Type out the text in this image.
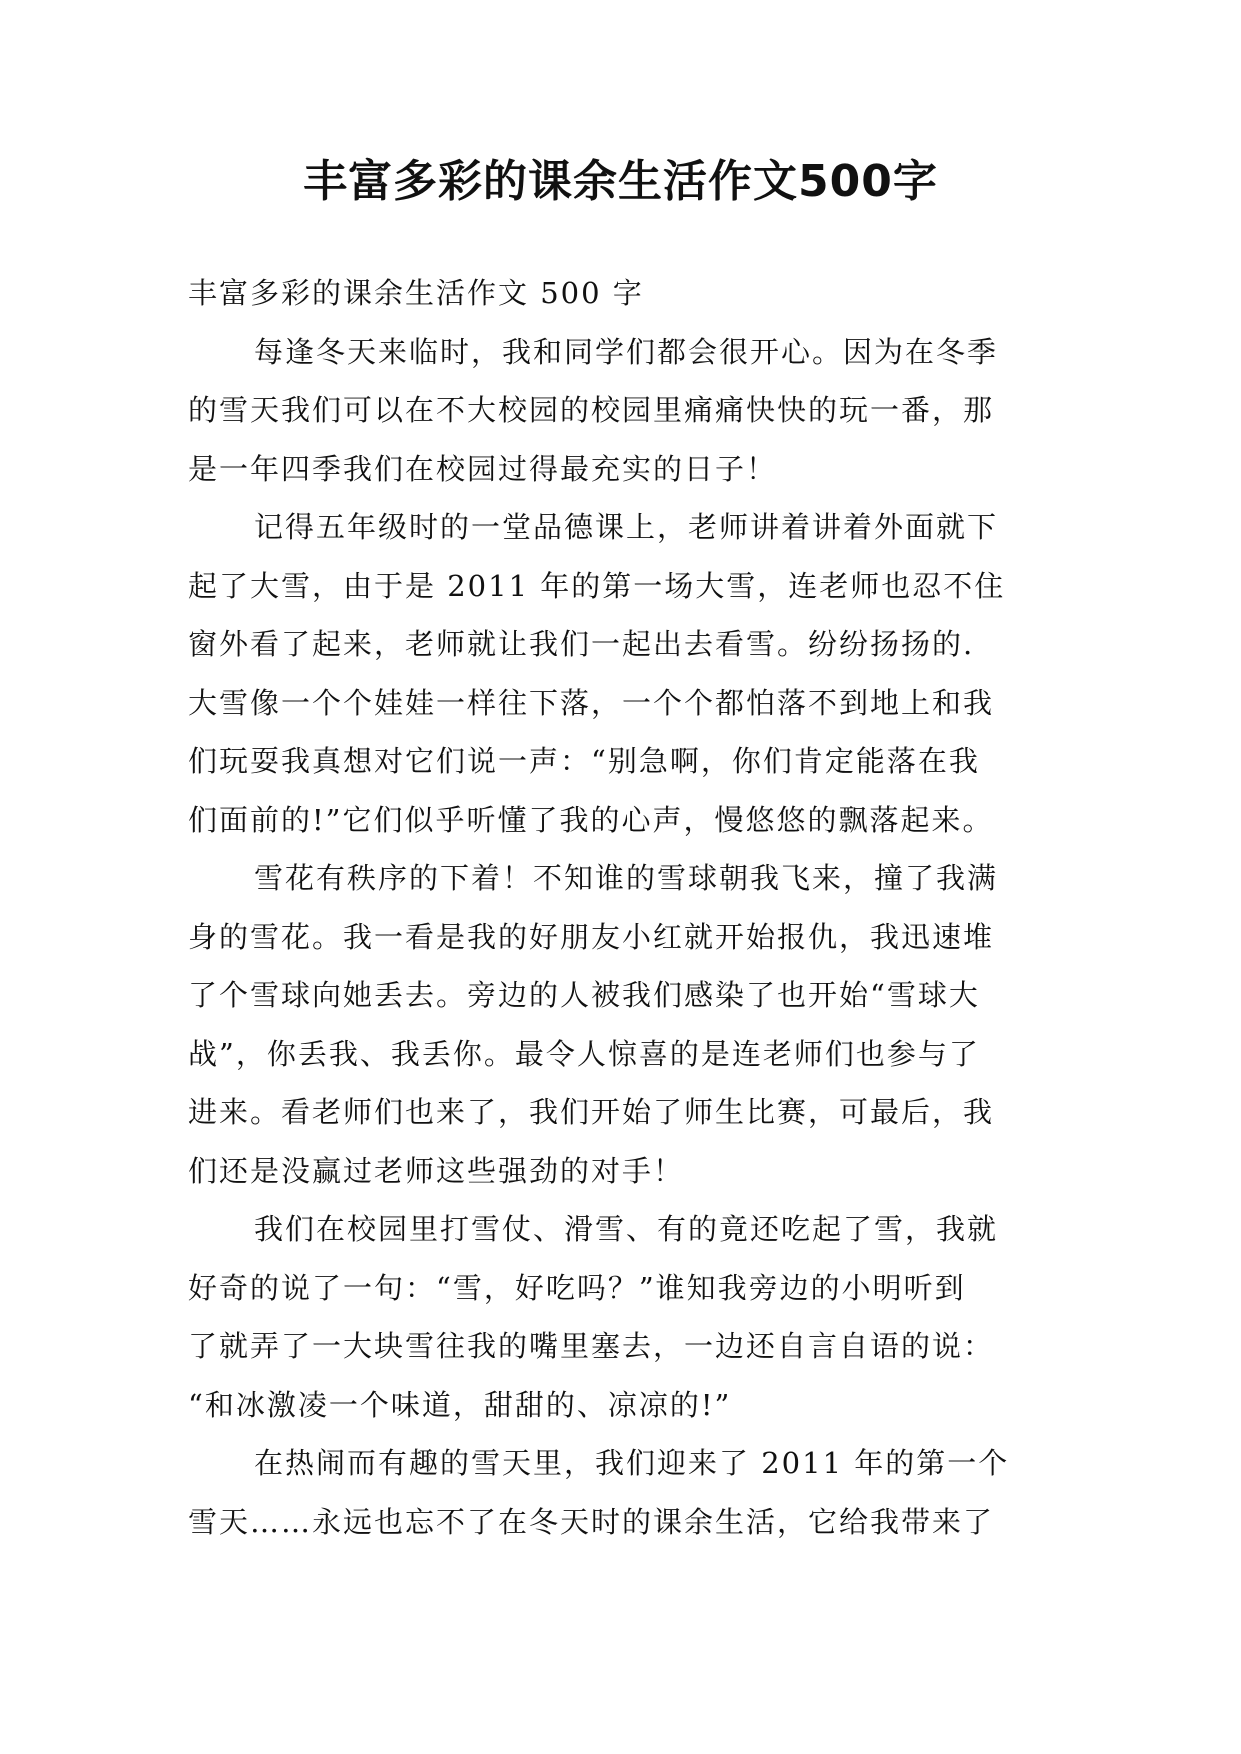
丰富多彩的课余生活作文500字

丰富多彩的课余生活作文 500 字

每逢冬天来临时，我和同学们都会很开心。因为在冬季
的雪天我们可以在不大校园的校园里痛痛快快的玩一番，那
是一年四季我们在校园过得最充实的日子！

记得五年级时的一堂品德课上，老师讲着讲着外面就下
起了大雪，由于是 2011 年的第一场大雪，连老师也忍不住
窗外看了起来，老师就让我们一起出去看雪。纷纷扬扬的.
大雪像一个个娃娃一样往下落，一个个都怕落不到地上和我
们玩耍我真想对它们说一声：“别急啊，你们肯定能落在我
们面前的!”它们似乎听懂了我的心声，慢悠悠的飘落起来。

雪花有秩序的下着！不知谁的雪球朝我飞来，撞了我满
身的雪花。我一看是我的好朋友小红就开始报仇，我迅速堆
了个雪球向她丢去。旁边的人被我们感染了也开始“雪球大
战”，你丢我、我丢你。最令人惊喜的是连老师们也参与了
进来。看老师们也来了，我们开始了师生比赛，可最后，我
们还是没赢过老师这些强劲的对手！

我们在校园里打雪仗、滑雪、有的竟还吃起了雪，我就
好奇的说了一句：“雪，好吃吗？”谁知我旁边的小明听到
了就弄了一大块雪往我的嘴里塞去，一边还自言自语的说：
“和冰激凌一个味道，甜甜的、凉凉的!”

在热闹而有趣的雪天里，我们迎来了 2011 年的第一个
雪天……永远也忘不了在冬天时的课余生活，它给我带来了
